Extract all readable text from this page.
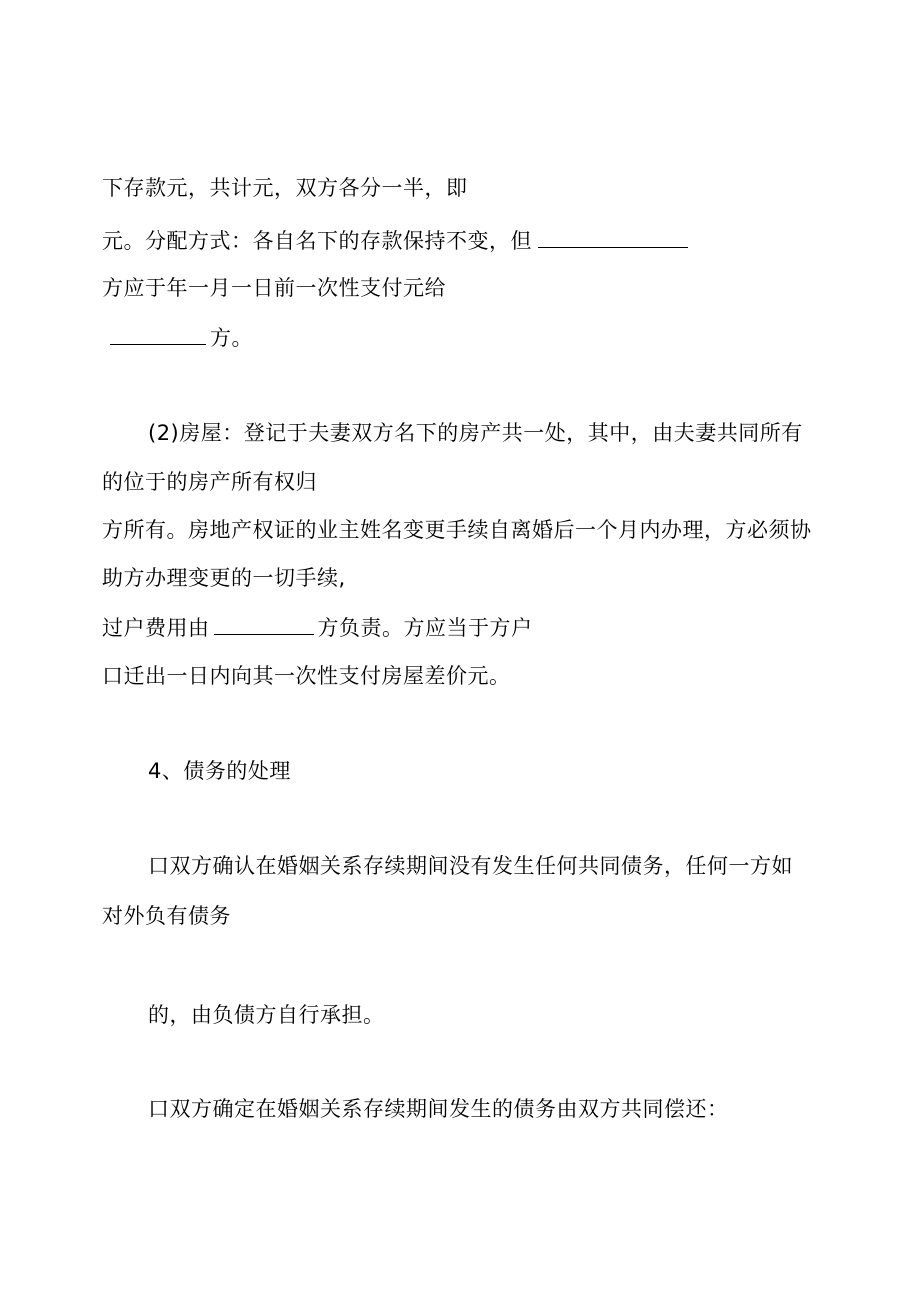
下存款元，共计元，双方各分一半，即
元。分配方式：各自名下的存款保持不变，但
方应于年一月一日前一次性支付元给
方。
(2)房屋：登记于夫妻双方名下的房产共一处，其中，由夫妻共同所有
的位于的房产所有权归
方所有。房地产权证的业主姓名变更手续自离婚后一个月内办理，方必须协
助方办理变更的一切手续,
过户费用由	方负责。方应当于方户
口迁出一日内向其一次性支付房屋差价元。
4、债务的处理
口双方确认在婚姻关系存续期间没有发生任何共同债务，任何一方如
对外负有债务
的，由负债方自行承担。
口双方确定在婚姻关系存续期间发生的债务由双方共同偿还：
